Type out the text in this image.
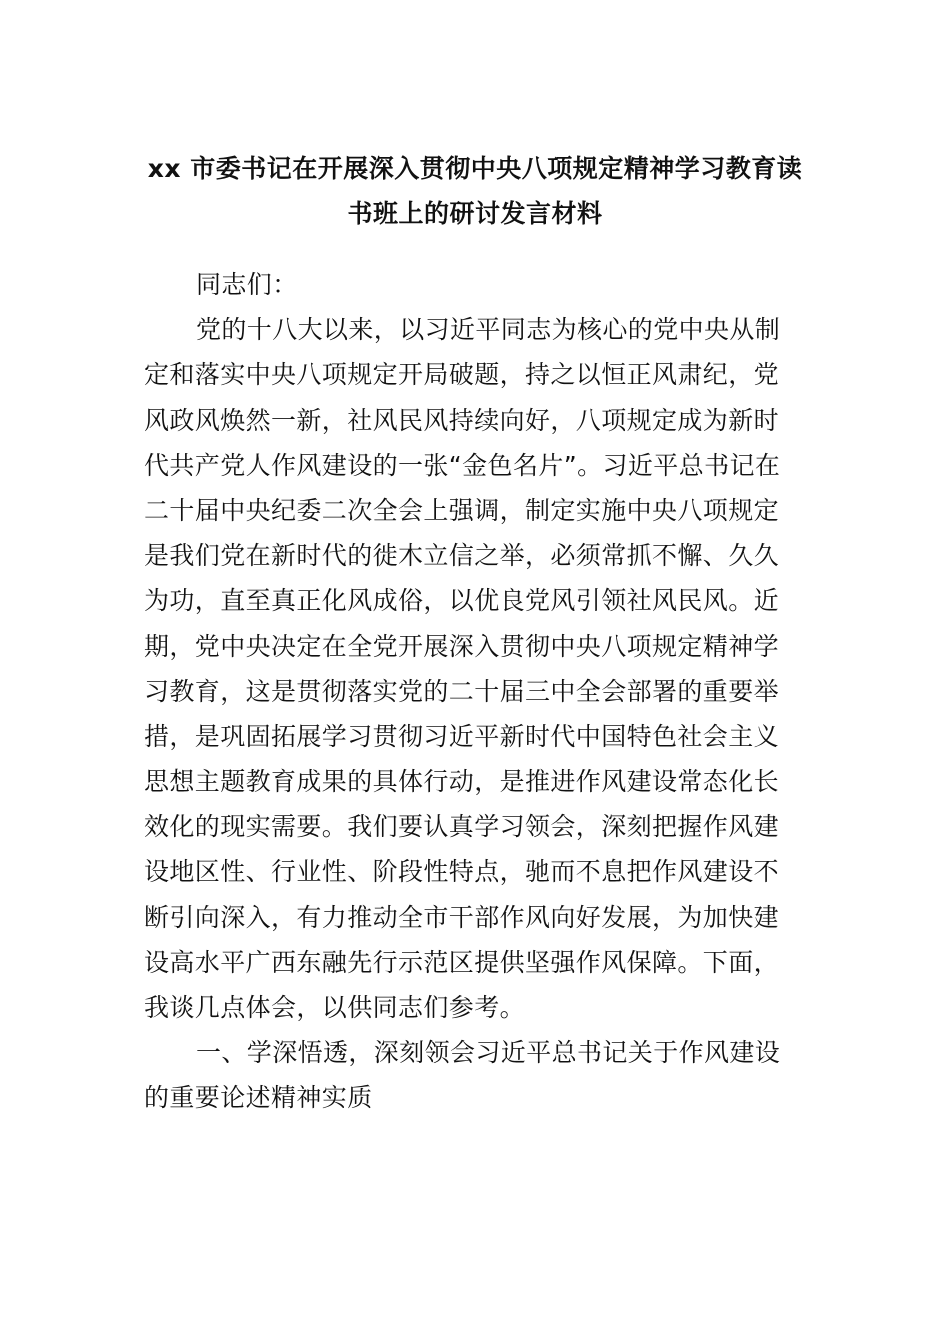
xx 市委书记在开展深入贯彻中央八项规定精神学习教育读
书班上的研讨发言材料
同志们：
党的十八大以来，以习近平同志为核心的党中央从制
定和落实中央八项规定开局破题，持之以恒正风肃纪，党
风政风焕然一新，社风民风持续向好，八项规定成为新时
代共产党人作风建设的一张“金色名片”。习近平总书记在
二十届中央纪委二次全会上强调，制定实施中央八项规定
是我们党在新时代的徙木立信之举，必须常抓不懈、久久
为功，直至真正化风成俗，以优良党风引领社风民风。近
期，党中央决定在全党开展深入贯彻中央八项规定精神学
习教育，这是贯彻落实党的二十届三中全会部署的重要举
措，是巩固拓展学习贯彻习近平新时代中国特色社会主义
思想主题教育成果的具体行动，是推进作风建设常态化长
效化的现实需要。我们要认真学习领会，深刻把握作风建
设地区性、行业性、阶段性特点，驰而不息把作风建设不
断引向深入，有力推动全市干部作风向好发展，为加快建
设高水平广西东融先行示范区提供坚强作风保障。下面，
我谈几点体会，以供同志们参考。
一、学深悟透，深刻领会习近平总书记关于作风建设
的重要论述精神实质
